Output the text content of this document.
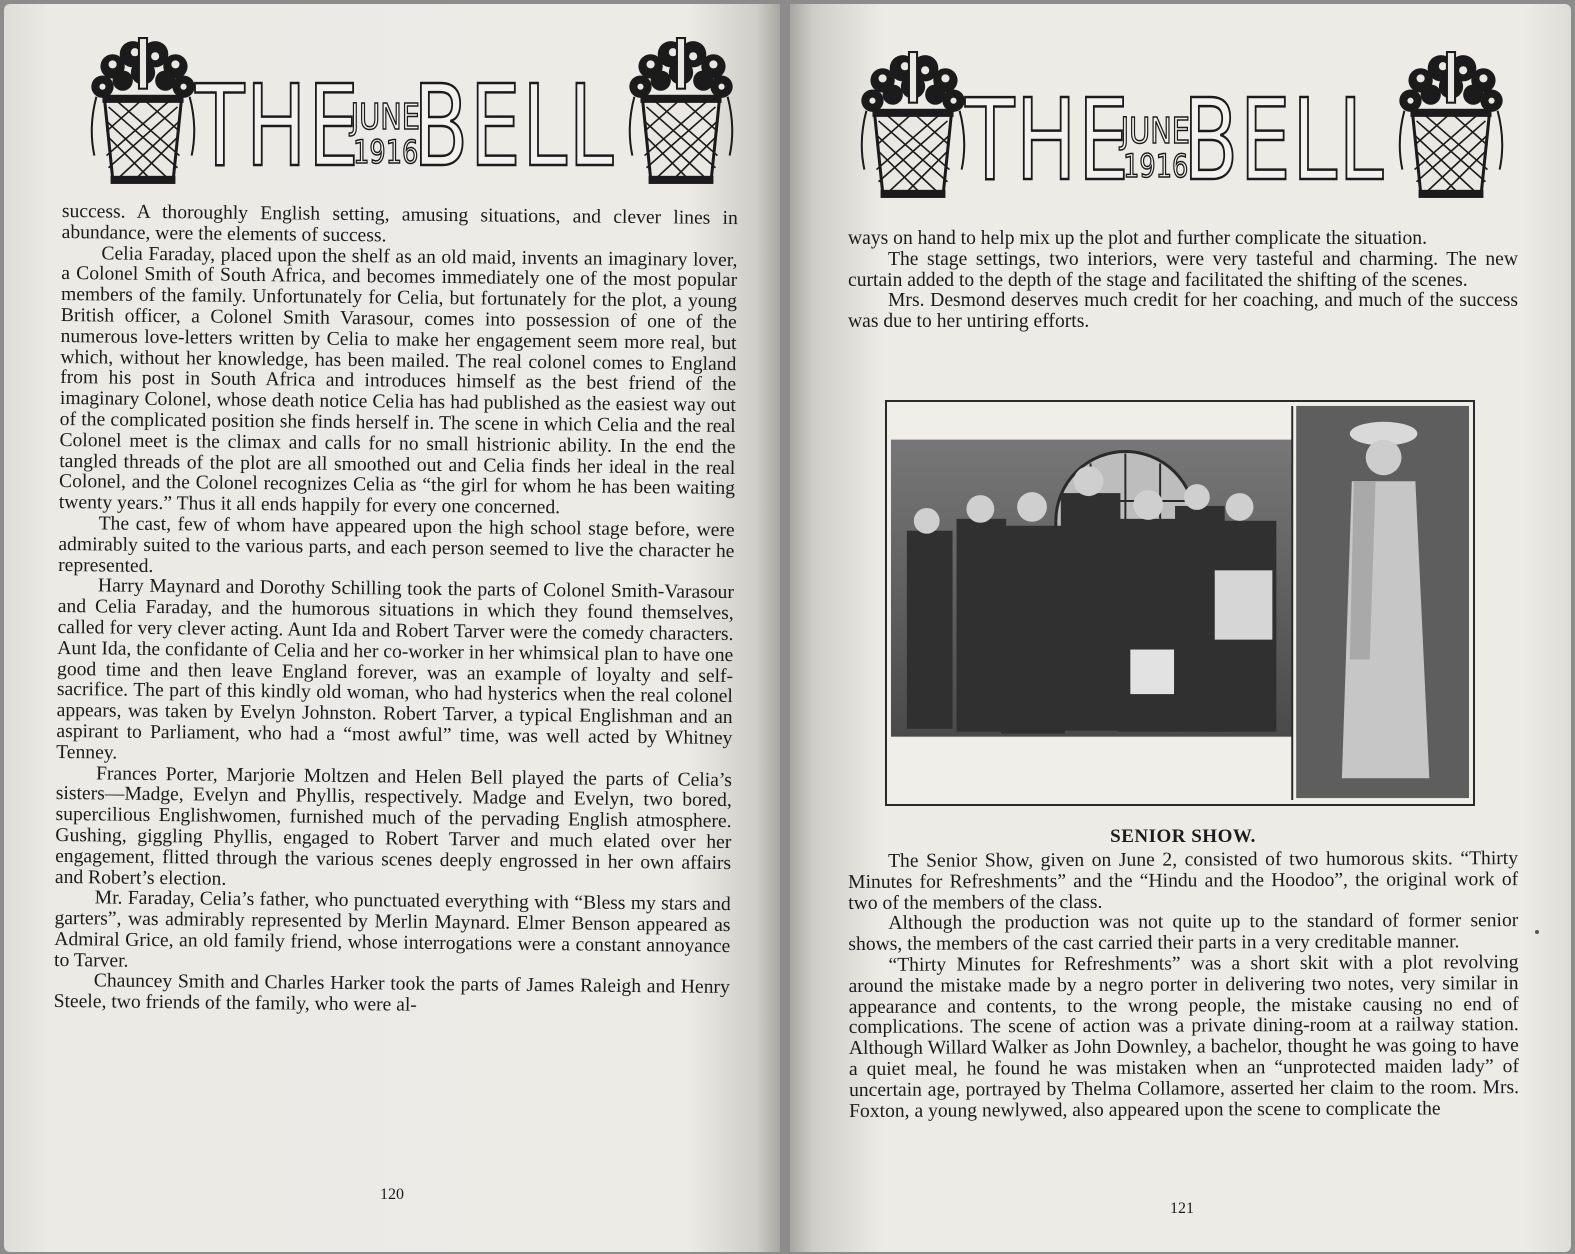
THE
JUNE
1916
BELL

success. A thoroughly English setting, amusing situations, and clever lines in abundance, were the elements of success.

Celia Faraday, placed upon the shelf as an old maid, invents an imaginary lover, a Colonel Smith of South Africa, and becomes immediately one of the most popular members of the family. Unfortunately for Celia, but fortunately for the plot, a young British officer, a Colonel Smith Varasour, comes into possession of one of the numerous love-letters written by Celia to make her engagement seem more real, but which, without her knowledge, has been mailed. The real colonel comes to England from his post in South Africa and introduces himself as the best friend of the imaginary Colonel, whose death notice Celia has had published as the easiest way out of the complicated position she finds herself in. The scene in which Celia and the real Colonel meet is the climax and calls for no small histrionic ability. In the end the tangled threads of the plot are all smoothed out and Celia finds her ideal in the real Colonel, and the Colonel recognizes Celia as “the girl for whom he has been waiting twenty years.” Thus it all ends happily for every one concerned.

The cast, few of whom have appeared upon the high school stage before, were admirably suited to the various parts, and each person seemed to live the character he represented.

Harry Maynard and Dorothy Schilling took the parts of Colonel Smith-Varasour and Celia Faraday, and the humorous situations in which they found themselves, called for very clever acting. Aunt Ida and Robert Tarver were the comedy characters. Aunt Ida, the confidante of Celia and her co-worker in her whimsical plan to have one good time and then leave England forever, was an example of loyalty and self-sacrifice. The part of this kindly old woman, who had hysterics when the real colonel appears, was taken by Evelyn Johnston. Robert Tarver, a typical Englishman and an aspirant to Parliament, who had a “most awful” time, was well acted by Whitney Tenney.

Frances Porter, Marjorie Moltzen and Helen Bell played the parts of Celia’s sisters—Madge, Evelyn and Phyllis, respectively. Madge and Evelyn, two bored, supercilious Englishwomen, furnished much of the pervading English atmosphere. Gushing, giggling Phyllis, engaged to Robert Tarver and much elated over her engagement, flitted through the various scenes deeply engrossed in her own affairs and Robert’s election.

Mr. Faraday, Celia’s father, who punctuated everything with “Bless my stars and garters”, was admirably represented by Merlin Maynard. Elmer Benson appeared as Admiral Grice, an old family friend, whose interrogations were a constant annoyance to Tarver.

Chauncey Smith and Charles Harker took the parts of James Raleigh and Henry Steele, two friends of the family, who were al-

120
THE
JUNE
1916
BELL

ways on hand to help mix up the plot and further complicate the situation.

The stage settings, two interiors, were very tasteful and charming. The new curtain added to the depth of the stage and facilitated the shifting of the scenes.

Mrs. Desmond deserves much credit for her coaching, and much of the success was due to her untiring efforts.

SENIOR SHOW.

The Senior Show, given on June 2, consisted of two humorous skits. “Thirty Minutes for Refreshments” and the “Hindu and the Hoodoo”, the original work of two of the members of the class.

Although the production was not quite up to the standard of former senior shows, the members of the cast carried their parts in a very creditable manner.

“Thirty Minutes for Refreshments” was a short skit with a plot revolving around the mistake made by a negro porter in delivering two notes, very similar in appearance and contents, to the wrong people, the mistake causing no end of complications. The scene of action was a private dining-room at a railway station. Although Willard Walker as John Downley, a bachelor, thought he was going to have a quiet meal, he found he was mistaken when an “unprotected maiden lady” of uncertain age, portrayed by Thelma Collamore, asserted her claim to the room. Mrs. Foxton, a young newlywed, also appeared upon the scene to complicate the

121
